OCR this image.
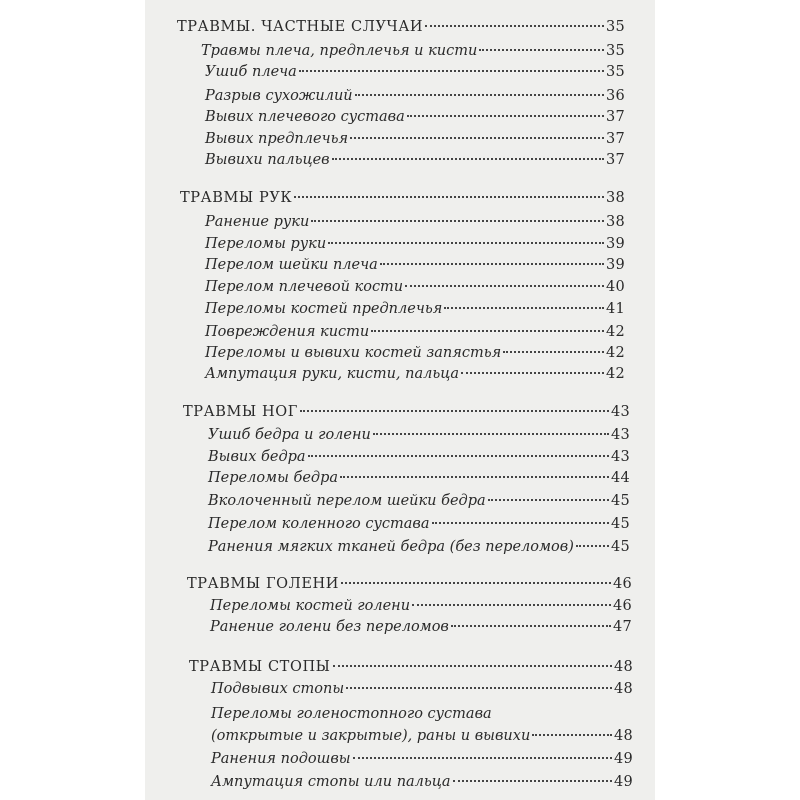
ТРАВМЫ. ЧАСТНЫЕ СЛУЧАИ	35
Травмы плеча, предплечья и кисти	35
Ушиб плеча	35
Разрыв сухожилий	36
Вывих плечевого сустава	37
Вывих предплечья	37
Вывихи пальцев	37
ТРАВМЫ РУК	38
Ранение руки	38
Переломы руки	39
Перелом шейки плеча	39
Перелом плечевой кости	40
Переломы костей предплечья	41
Повреждения кисти	42
Переломы и вывихи костей запястья	42
Ампутация руки, кисти, пальца	42
ТРАВМЫ НОГ	43
Ушиб бедра и голени	43
Вывих бедра	43
Переломы бедра	44
Вколоченный перелом шейки бедра	45
Перелом коленного сустава	45
Ранения мягких тканей бедра (без переломов)	45
ТРАВМЫ ГОЛЕНИ	46
Переломы костей голени	46
Ранение голени без переломов	47
ТРАВМЫ СТОПЫ	48
Подвывих стопы	48
Переломы голеностопного сустава
(открытые и закрытые), раны и вывихи	48
Ранения подошвы	49
Ампутация стопы или пальца	49
